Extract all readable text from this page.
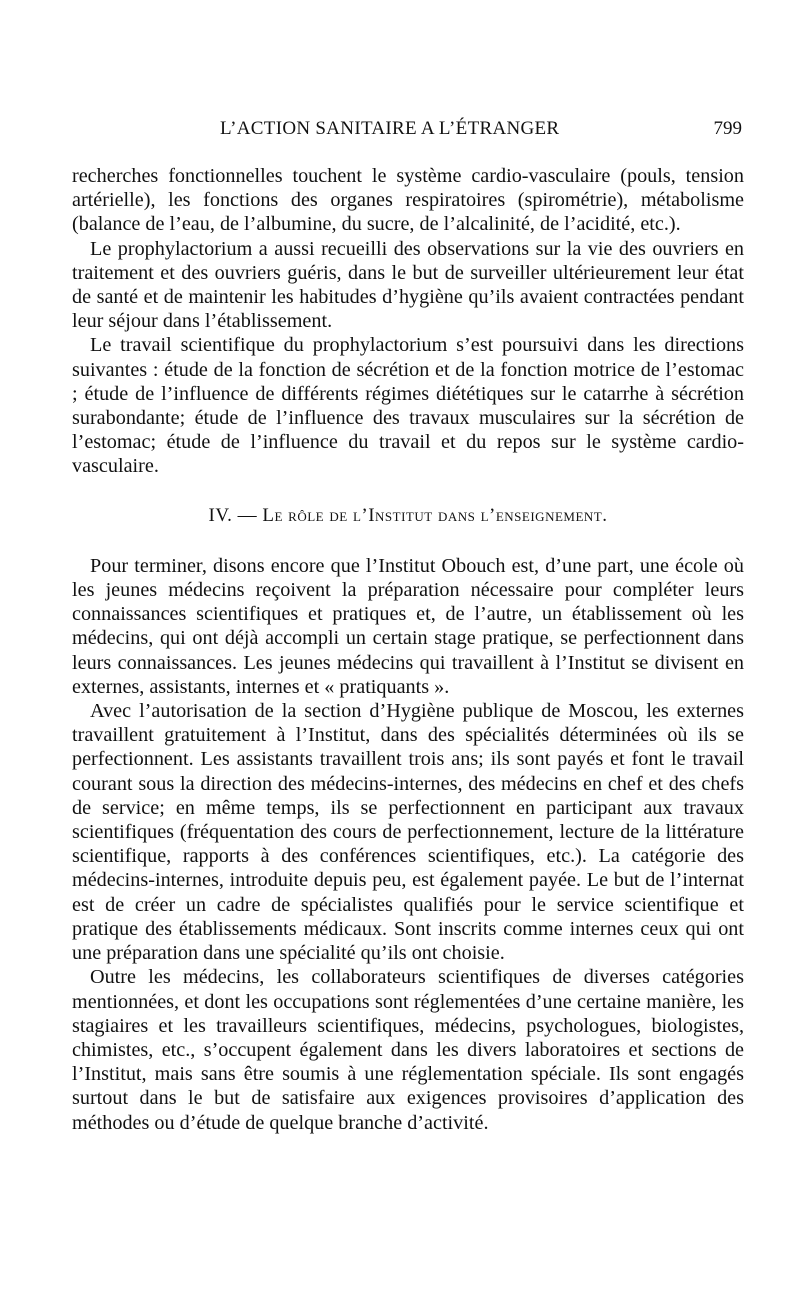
L’ACTION SANITAIRE A L’ÉTRANGER	799

recherches fonctionnelles touchent le système cardio-vasculaire (pouls, tension artérielle), les fonctions des organes respiratoires (spirométrie), métabolisme (balance de l’eau, de l’albumine, du sucre, de l’alcalinité, de l’acidité, etc.).

Le prophylactorium a aussi recueilli des observations sur la vie des ouvriers en traitement et des ouvriers guéris, dans le but de surveiller ultérieurement leur état de santé et de maintenir les habitudes d’hygiène qu’ils avaient contractées pendant leur séjour dans l’établissement.

Le travail scientifique du prophylactorium s’est poursuivi dans les directions suivantes : étude de la fonction de sécrétion et de la fonction motrice de l’estomac ; étude de l’influence de différents régimes diététiques sur le catarrhe à sécrétion surabondante; étude de l’influence des travaux musculaires sur la sécrétion de l’estomac; étude de l’influence du travail et du repos sur le système cardio-vasculaire.

IV. — Le rôle de l’Institut dans l’enseignement.

Pour terminer, disons encore que l’Institut Obouch est, d’une part, une école où les jeunes médecins reçoivent la préparation nécessaire pour compléter leurs connaissances scientifiques et pratiques et, de l’autre, un établissement où les médecins, qui ont déjà accompli un certain stage pratique, se perfectionnent dans leurs connaissances. Les jeunes médecins qui travaillent à l’Institut se divisent en externes, assistants, internes et « pratiquants ».

Avec l’autorisation de la section d’Hygiène publique de Moscou, les externes travaillent gratuitement à l’Institut, dans des spécialités déterminées où ils se perfectionnent. Les assistants travaillent trois ans; ils sont payés et font le travail courant sous la direction des médecins-internes, des médecins en chef et des chefs de service; en même temps, ils se perfectionnent en participant aux travaux scientifiques (fréquentation des cours de perfectionnement, lecture de la littérature scientifique, rapports à des conférences scientifiques, etc.). La catégorie des médecins-internes, introduite depuis peu, est également payée. Le but de l’internat est de créer un cadre de spécialistes qualifiés pour le service scientifique et pratique des établissements médicaux. Sont inscrits comme internes ceux qui ont une préparation dans une spécialité qu’ils ont choisie.

Outre les médecins, les collaborateurs scientifiques de diverses catégories mentionnées, et dont les occupations sont réglementées d’une certaine manière, les stagiaires et les travailleurs scientifiques, médecins, psychologues, biologistes, chimistes, etc., s’occupent également dans les divers laboratoires et sections de l’Institut, mais sans être soumis à une réglementation spéciale. Ils sont engagés surtout dans le but de satisfaire aux exigences provisoires d’application des méthodes ou d’étude de quelque branche d’activité.
